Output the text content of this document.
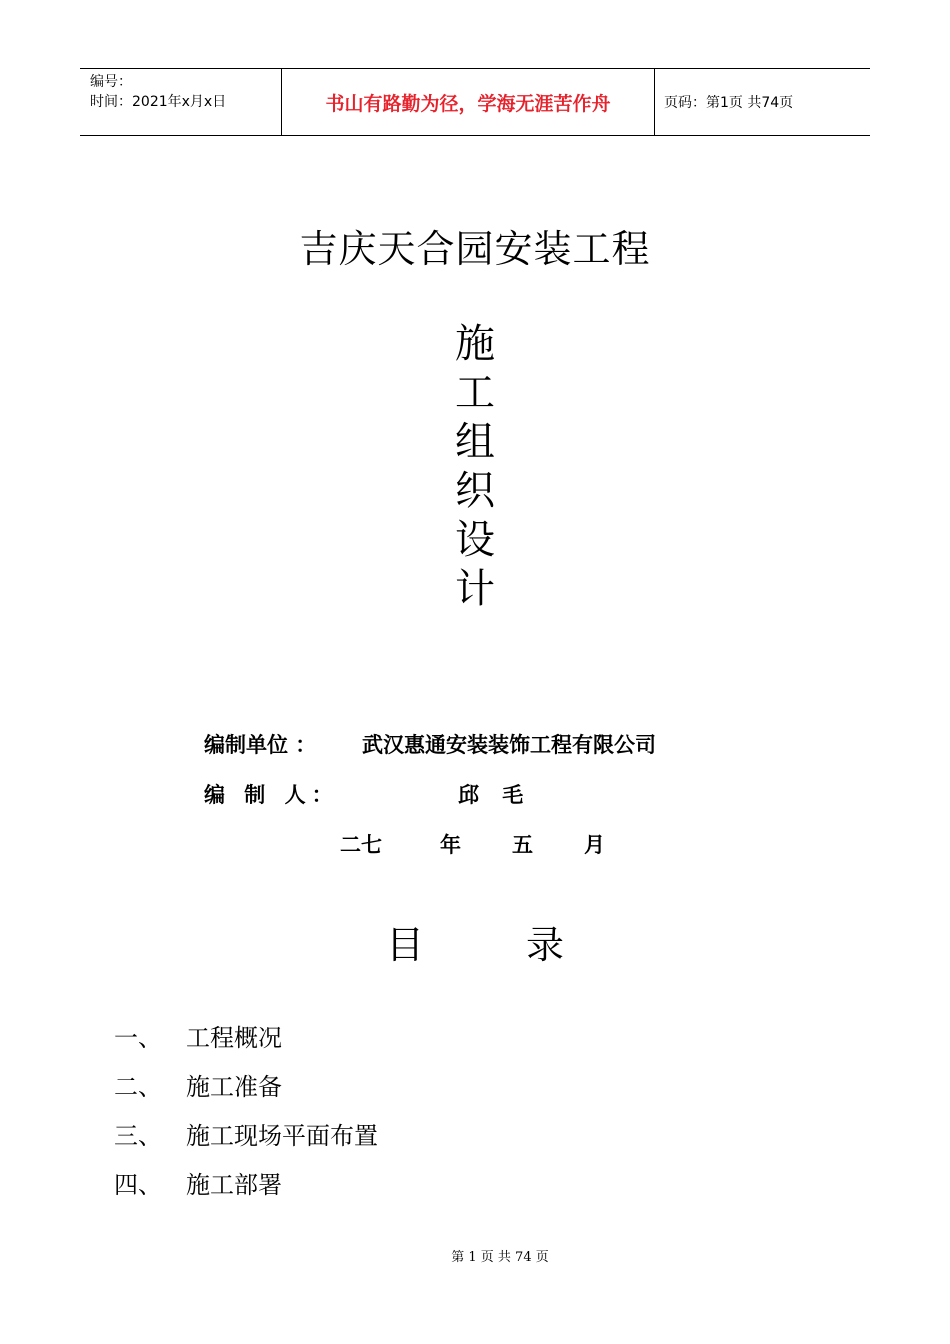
编号：
时间：2021年x月x日	书山有路勤为径，学海无涯苦作舟	页码：第1页 共74页
吉庆天合园安装工程
施
工
组
织
设
计
编制单位 ： 武汉惠通安装装饰工程有限公司
编 制 人：	邱 毛
二七	年 五 月
目	录
一、	工程概况
二、	施工准备
三、	施工现场平面布置
四、	施工部署
第 1 页 共 74 页
